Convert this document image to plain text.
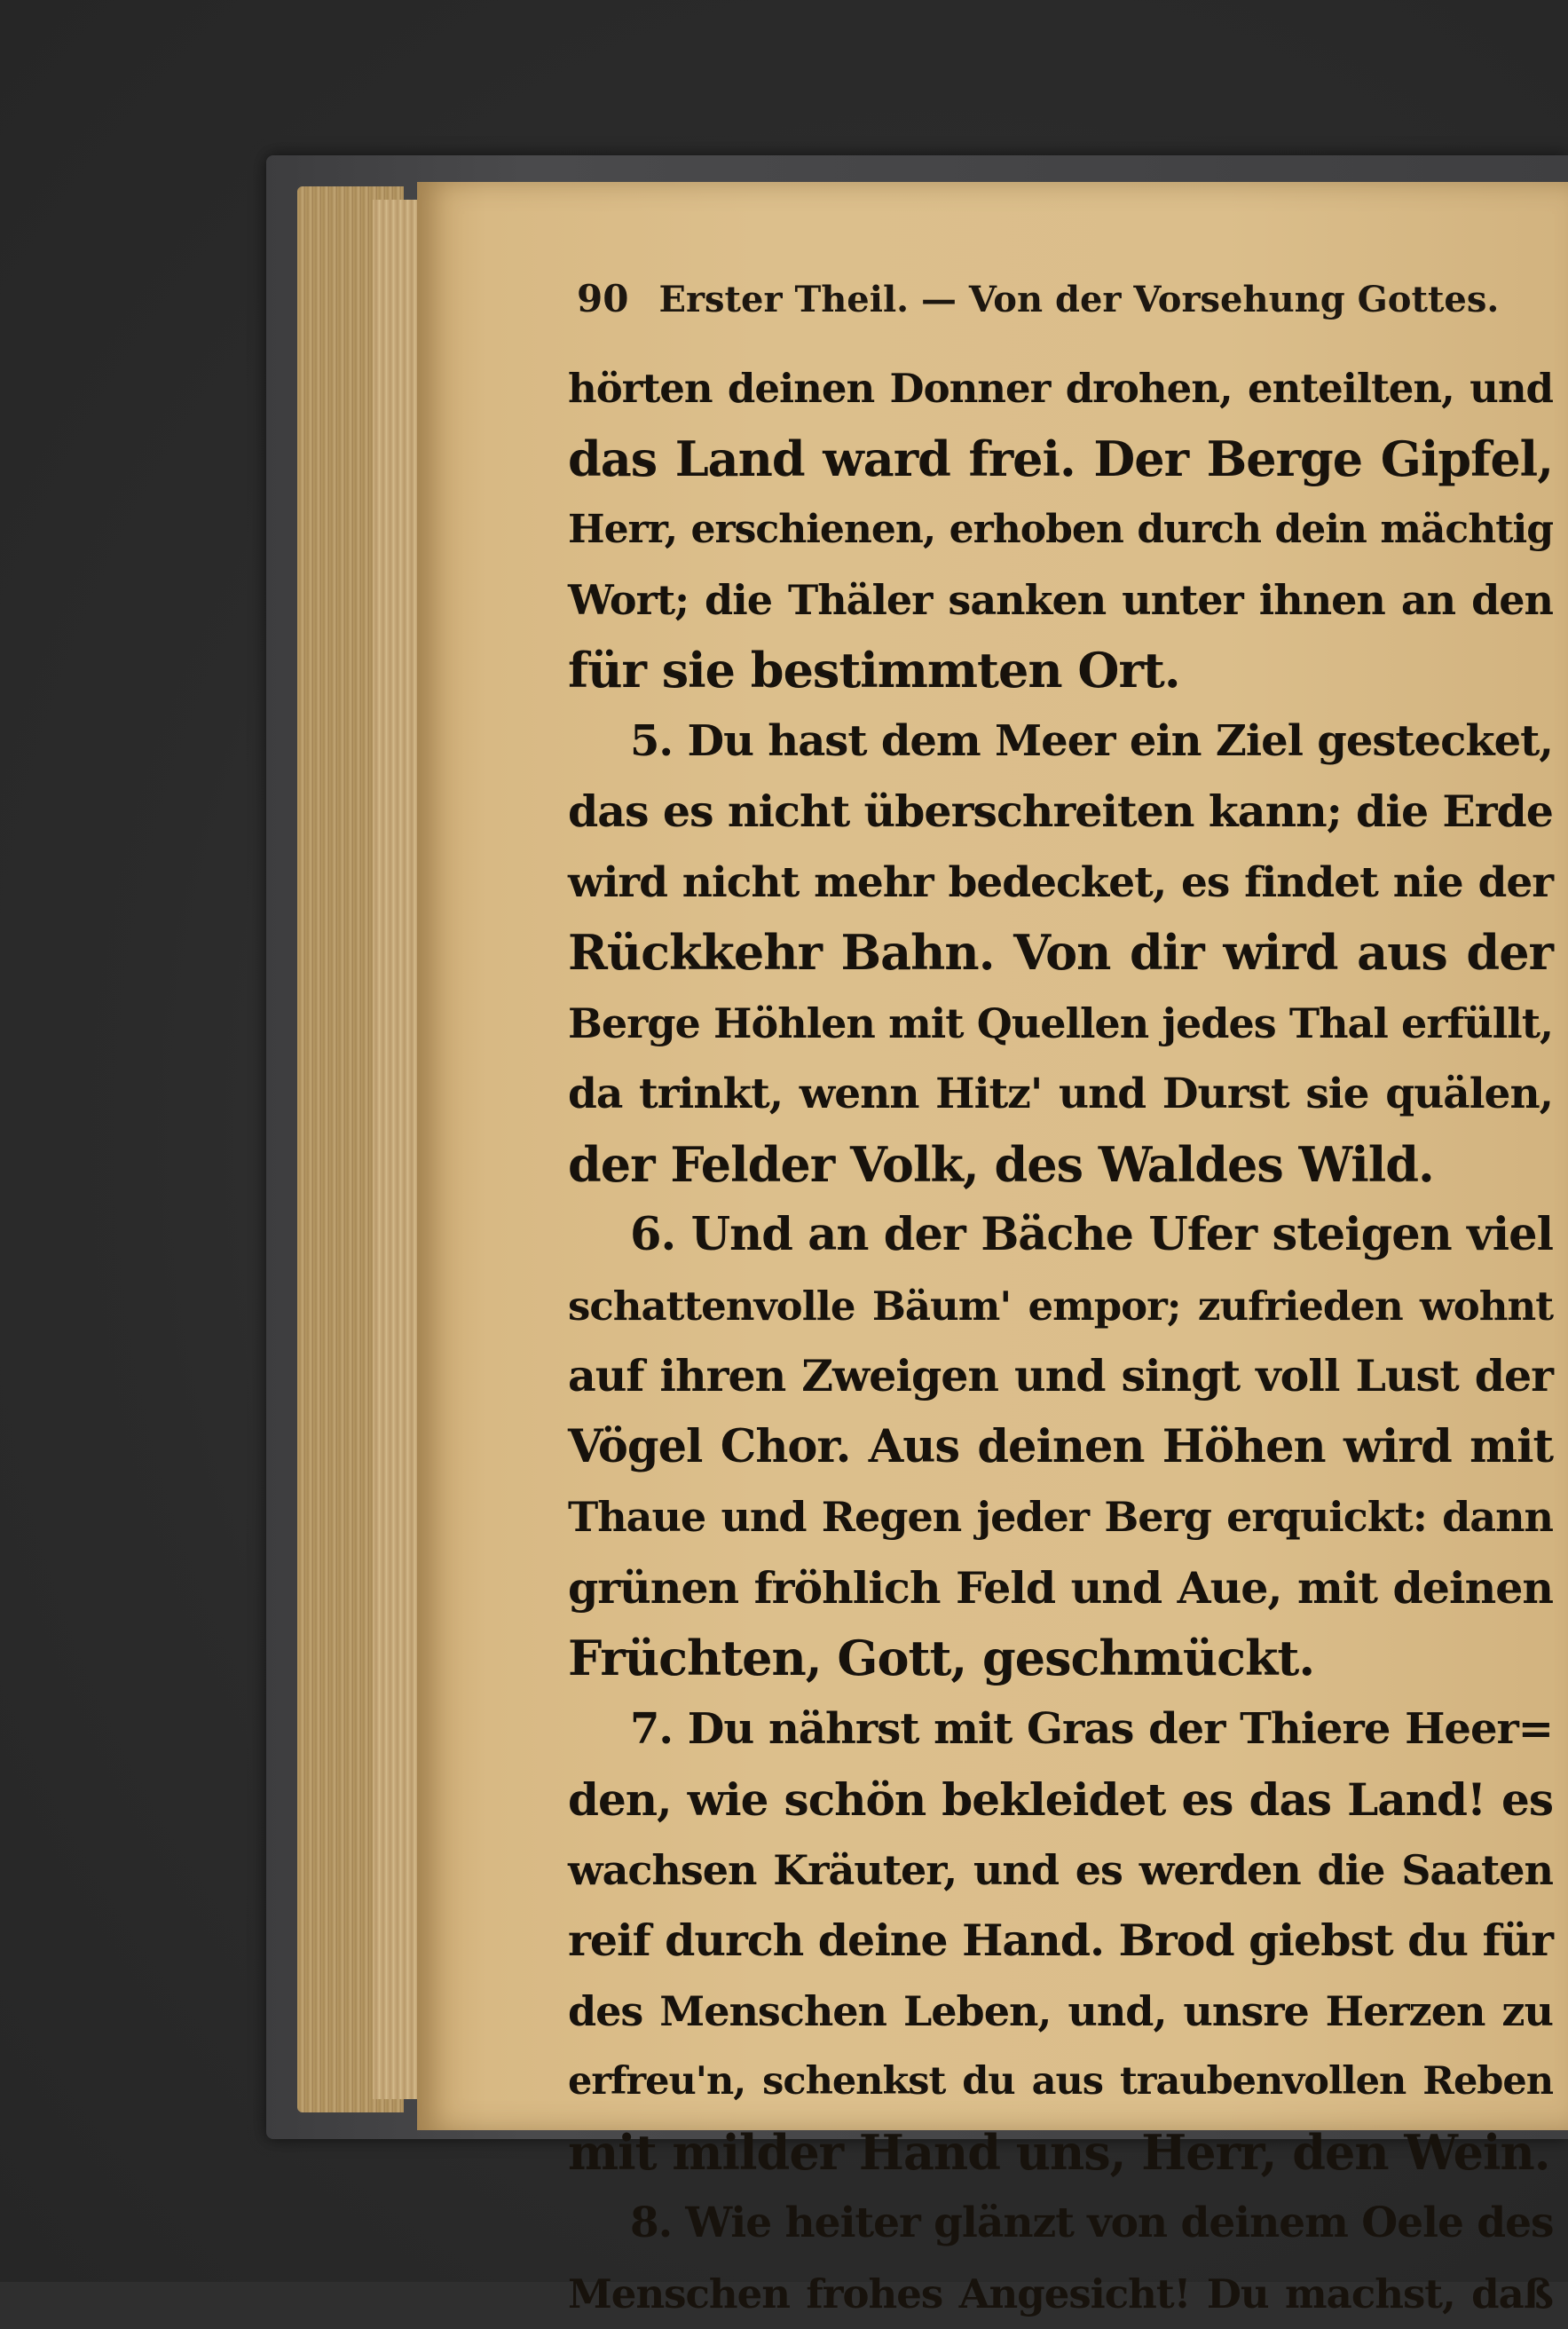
90 Erster Theil. — Von der Vorsehung Gottes.
hörten deinen Donner drohen, enteilten, und
das Land ward frei. Der Berge Gipfel,
Herr, erschienen, erhoben durch dein mächtig
Wort; die Thäler sanken unter ihnen an den
für sie bestimmten Ort.
5. Du hast dem Meer ein Ziel gestecket,
das es nicht überschreiten kann; die Erde
wird nicht mehr bedecket, es findet nie der
Rückkehr Bahn. Von dir wird aus der
Berge Höhlen mit Quellen jedes Thal erfüllt,
da trinkt, wenn Hitz' und Durst sie quälen,
der Felder Volk, des Waldes Wild.
6. Und an der Bäche Ufer steigen viel
schattenvolle Bäum' empor; zufrieden wohnt
auf ihren Zweigen und singt voll Lust der
Vögel Chor. Aus deinen Höhen wird mit
Thaue und Regen jeder Berg erquickt: dann
grünen fröhlich Feld und Aue, mit deinen
Früchten, Gott, geschmückt.
7. Du nährst mit Gras der Thiere Heer=
den, wie schön bekleidet es das Land! es
wachsen Kräuter, und es werden die Saaten
reif durch deine Hand. Brod giebst du für
des Menschen Leben, und, unsre Herzen zu
erfreu'n, schenkst du aus traubenvollen Reben
mit milder Hand uns, Herr, den Wein.
8. Wie heiter glänzt von deinem Oele des
Menschen frohes Angesicht! Du machst, daß
